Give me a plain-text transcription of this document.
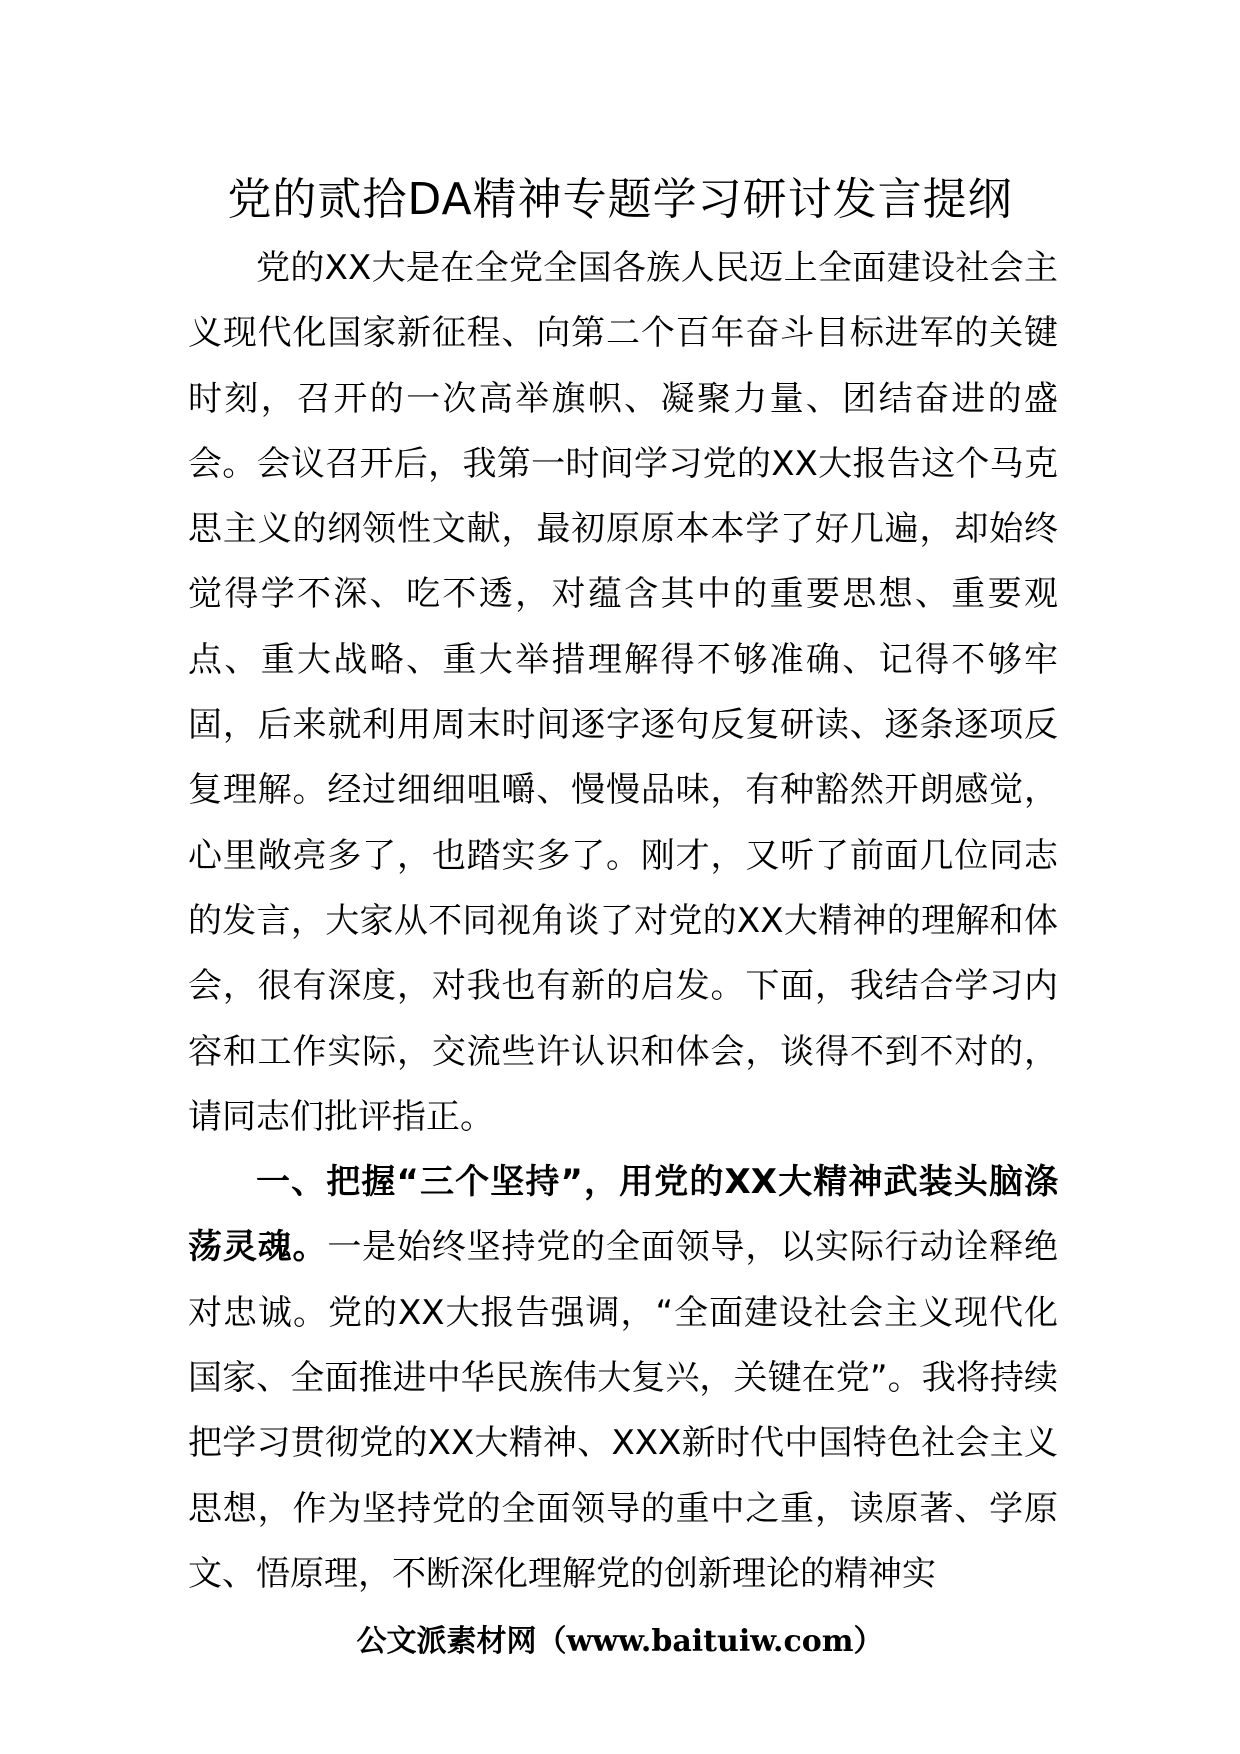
党的贰拾DA精神专题学习研讨发言提纲

党的XX大是在全党全国各族人民迈上全面建设社会主义现代化国家新征程、向第二个百年奋斗目标进军的关键时刻，召开的一次高举旗帜、凝聚力量、团结奋进的盛会。会议召开后，我第一时间学习党的XX大报告这个马克思主义的纲领性文献，最初原原本本学了好几遍，却始终觉得学不深、吃不透，对蕴含其中的重要思想、重要观点、重大战略、重大举措理解得不够准确、记得不够牢固，后来就利用周末时间逐字逐句反复研读、逐条逐项反复理解。经过细细咀嚼、慢慢品味，有种豁然开朗感觉，心里敞亮多了，也踏实多了。刚才，又听了前面几位同志的发言，大家从不同视角谈了对党的XX大精神的理解和体会，很有深度，对我也有新的启发。下面，我结合学习内容和工作实际，交流些许认识和体会，谈得不到不对的，请同志们批评指正。

一、把握“三个坚持”，用党的XX大精神武装头脑涤荡灵魂。一是始终坚持党的全面领导，以实际行动诠释绝对忠诚。党的XX大报告强调，“全面建设社会主义现代化国家、全面推进中华民族伟大复兴，关键在党”。我将持续把学习贯彻党的XX大精神、XXX新时代中国特色社会主义思想，作为坚持党的全面领导的重中之重，读原著、学原文、悟原理，不断深化理解党的创新理论的精神实

公文派素材网（www.baituiw.com）
